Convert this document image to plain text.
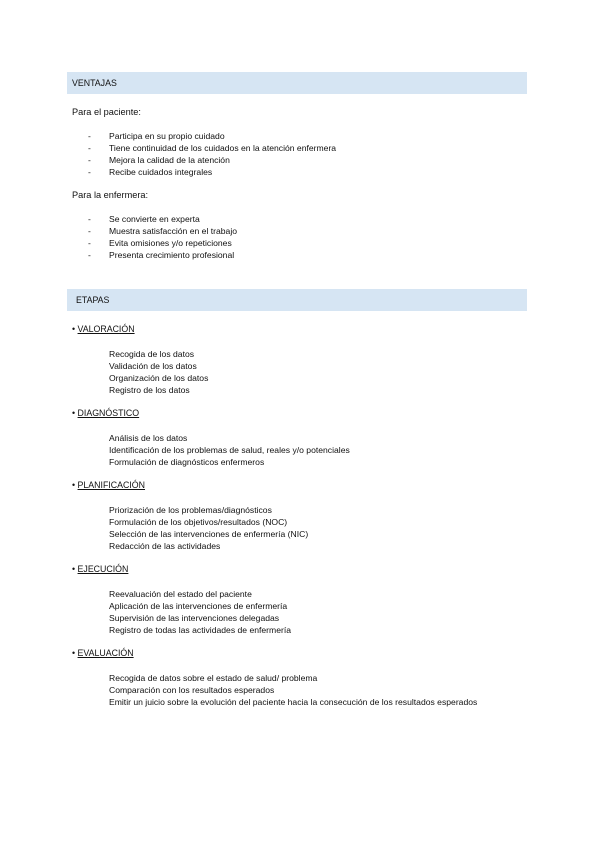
VENTAJAS
Para el paciente:
-	Participa en su propio cuidado
-	Tiene continuidad de los cuidados en la atención enfermera
-	Mejora la calidad de la atención
-	Recibe cuidados integrales
Para la enfermera:
-	Se convierte en experta
-	Muestra satisfacción en el trabajo
-	Evita omisiones y/o repeticiones
-	Presenta crecimiento profesional
ETAPAS
• VALORACIÓN
Recogida de los datos
Validación de los datos
Organización de los datos
Registro de los datos
• DIAGNÓSTICO
Análisis de los datos
Identificación de los problemas de salud, reales y/o potenciales
Formulación de diagnósticos enfermeros
• PLANIFICACIÓN
Priorización de los problemas/diagnósticos
Formulación de los objetivos/resultados (NOC)
Selección de las intervenciones de enfermería (NIC)
Redacción de las actividades
• EJECUCIÓN
Reevaluación del estado del paciente
Aplicación de las intervenciones de enfermería
Supervisión de las intervenciones delegadas
Registro de todas las actividades de enfermería
• EVALUACIÓN
Recogida de datos sobre el estado de salud/ problema
Comparación con los resultados esperados
Emitir un juicio sobre la evolución del paciente hacia la consecución de los resultados esperados
